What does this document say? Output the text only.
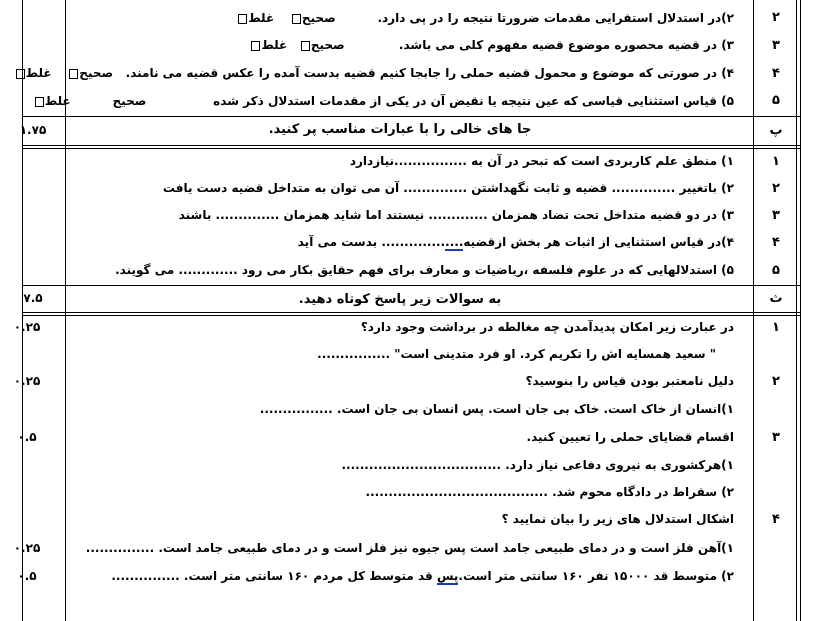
۲
۲)در استدلال استقرایی مقدمات ضرورتا نتیجه را در پی دارد.          صحیح    غلط
۳
۳) در قضیه محصوره موضوع قضیه مفهوم کلی می باشد.             صحیح   غلط
۴
۴) در صورتی که موضوع و محمول قضیه حملی را جابجا کنیم قضیه بدست آمده را عکس قضیه می نامند.   صحیح    غلط
۵
۵) قیاس استثنایی قیاسی که عین نتیجه یا نقیض آن در یکی از مقدمات استدلال ذکر شده                صحیح          غلط
پ
۱.۷۵	جا های خالی را با عبارات مناسب پر کنید.
۱
۱) منطق علم کاربردی است که تبحر در آن به ................نیازدارد
۲
۲) باتغییر .............. قضیه و ثابت نگهداشتن .............. آن می توان به متداخل قضیه دست یافت
۳
۳) در دو قضیه متداخل تحت تضاد همزمان ............. نیستند اما شاید همزمان .............. باشند
۴
۴)در قیاس استثنایی از اثبات هر بخش ازقضیه.................. بدست می آید
۵
۵) استدلالهایی که در علوم فلسفه ،ریاضیات و معارف برای فهم حقایق بکار می رود ............. می گویند.
ث
۷.۵	به سوالات زیر پاسخ کوتاه دهید.
۱
۰.۲۵	در عبارت زیر امکان پدیدآمدن چه مغالطه در برداشت وجود دارد؟
" سعید همسایه اش را تکریم کرد. او فرد متدینی است" ................
۲
۰.۲۵	دلیل نامعتبر بودن قیاس را بنوسید؟
۱)انسان از خاک است. خاک بی جان است. پس انسان بی جان است. ................
۳
۰.۵	اقسام قضایای حملی را تعیین کنید.
۱)هرکشوری به نیروی دفاعی نیاز دارد. ...................................
۲) سقراط در دادگاه محوم شد. ........................................
۴
اشکال استدلال های زیر را بیان نمایید ؟
۰.۲۵	۱)آهن فلز است و در دمای طبیعی جامد است پس جیوه نیز فلز است و در دمای طبیعی جامد است. ...............
۰.۵	۲) متوسط قد ۱۵۰۰۰ نفر ۱۶۰ سانتی متر است.پس قد متوسط کل مردم ۱۶۰ سانتی متر است. ...............
